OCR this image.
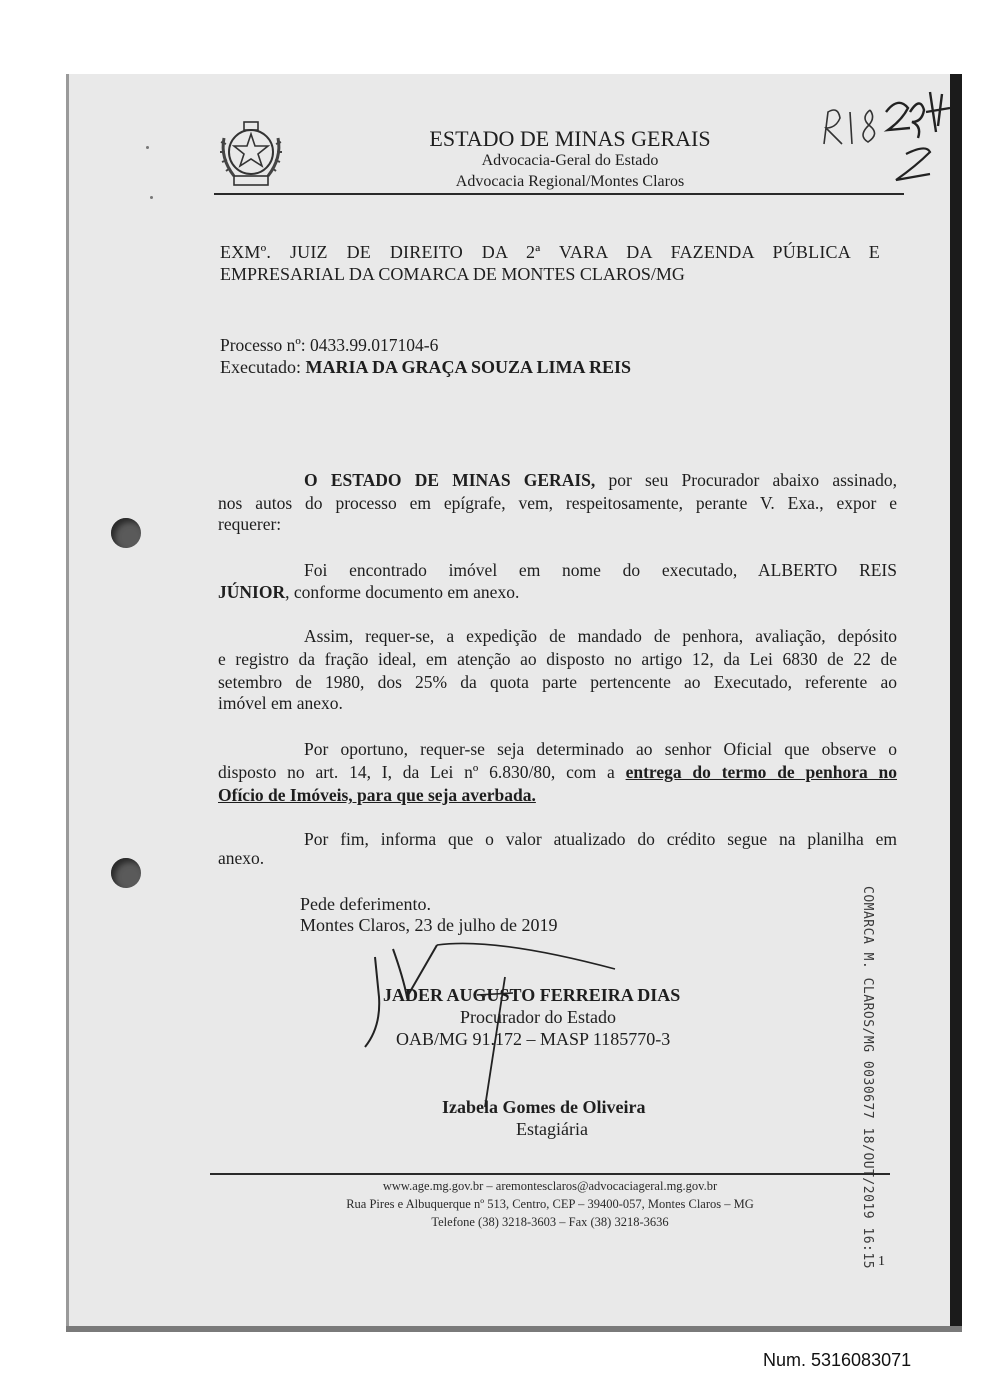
ESTADO DE MINAS GERAIS
Advocacia-Geral do Estado
Advocacia Regional/Montes Claros
EXMº. JUIZ DE DIREITO DA 2ª VARA DA FAZENDA PÚBLICA E
EMPRESARIAL DA COMARCA DE MONTES CLAROS/MG
Processo nº: 0433.99.017104-6
Executado: MARIA DA GRAÇA SOUZA LIMA REIS
O ESTADO DE MINAS GERAIS, por seu Procurador abaixo assinado,
nos autos do processo em epígrafe, vem, respeitosamente, perante V. Exa., expor e
requerer:
Foi encontrado imóvel em nome do executado, ALBERTO REIS
JÚNIOR, conforme documento em anexo.
Assim, requer-se, a expedição de mandado de penhora, avaliação, depósito
e registro da fração ideal, em atenção ao disposto no artigo 12, da Lei 6830 de 22 de
setembro de 1980, dos 25% da quota parte pertencente ao Executado, referente ao
imóvel em anexo.
Por oportuno, requer-se seja determinado ao senhor Oficial que observe o
disposto no art. 14, I, da Lei nº 6.830/80, com a entrega do termo de penhora no
Ofício de Imóveis, para que seja averbada.
Por fim, informa que o valor atualizado do crédito segue na planilha em
anexo.
Pede deferimento.
Montes Claros, 23 de julho de 2019
JADER AUGUSTO FERREIRA DIAS
Procurador do Estado
OAB/MG 91.172 – MASP 1185770-3
Izabela Gomes de Oliveira
Estagiária	COMARCA M. CLAROS/MG 0030677 18/OUT/2019 16:15
www.age.mg.gov.br – aremontesclaros@advocaciageral.mg.gov.br
Rua Pires e Albuquerque nº 513, Centro, CEP – 39400-057, Montes Claros – MG
Telefone (38) 3218-3603 – Fax (38) 3218-3636
1
Num. 5316083071
